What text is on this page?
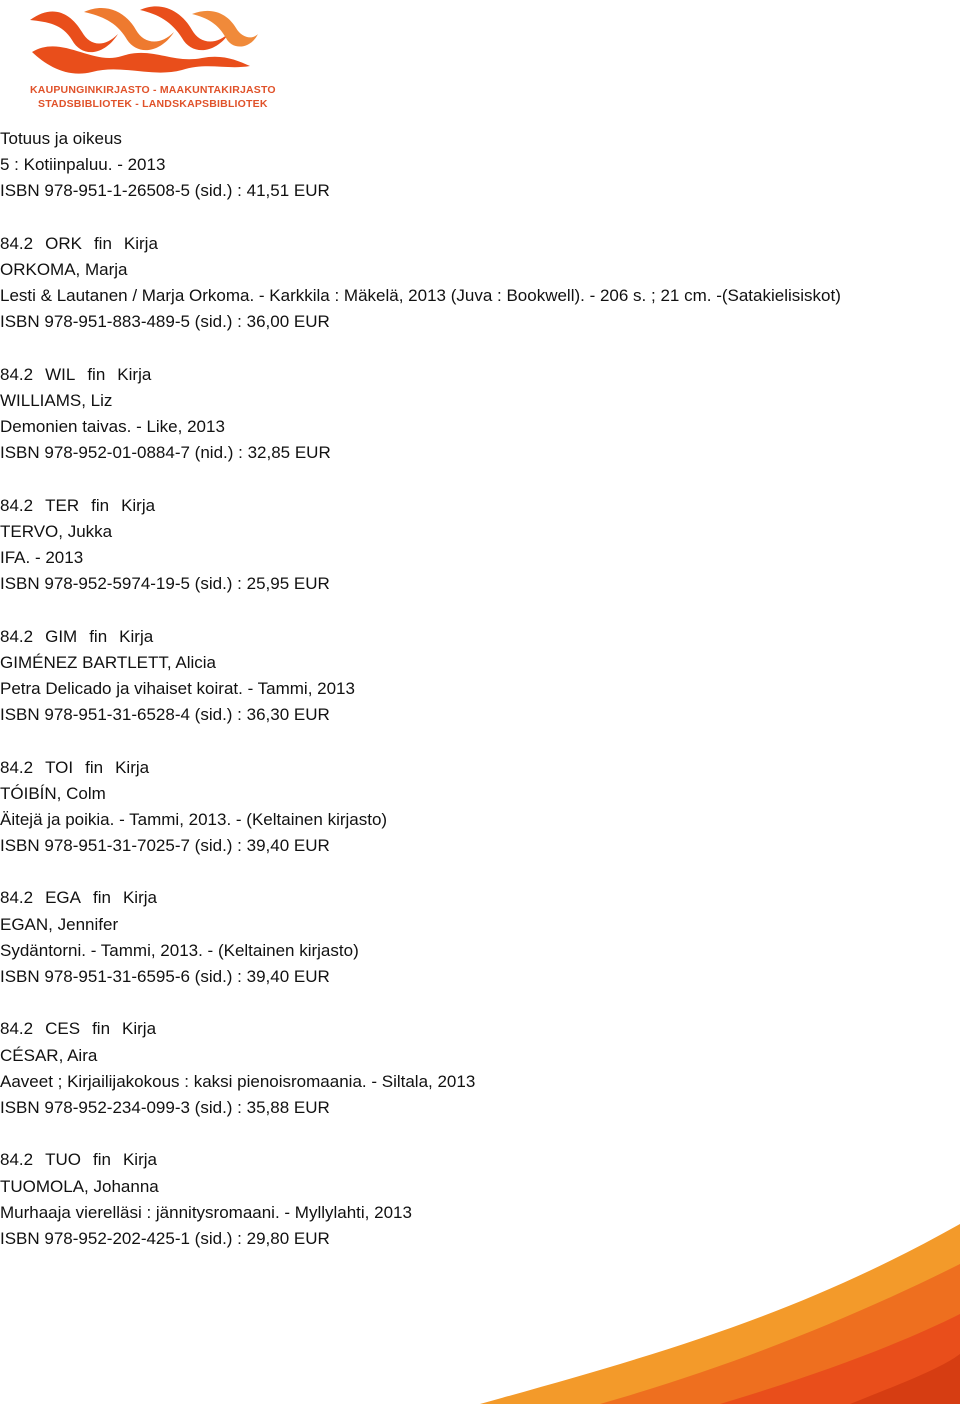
KAUPUNGINKIRJASTO - MAAKUNTAKIRJASTO
STADSBIBLIOTEK - LANDSKAPSBIBLIOTEK
Totuus ja oikeus
5 : Kotiinpaluu. - 2013
ISBN 978-951-1-26508-5 (sid.) : 41,51 EUR
84.2 ORK fin Kirja
ORKOMA, Marja
Lesti & Lautanen / Marja Orkoma. - Karkkila : Mäkelä, 2013 (Juva : Bookwell). - 206 s. ; 21 cm. -(Satakielisiskot)
ISBN 978-951-883-489-5 (sid.) : 36,00 EUR
84.2 WIL fin Kirja
WILLIAMS, Liz
Demonien taivas. - Like, 2013
ISBN 978-952-01-0884-7 (nid.) : 32,85 EUR
84.2 TER fin Kirja
TERVO, Jukka
IFA. - 2013
ISBN 978-952-5974-19-5 (sid.) : 25,95 EUR
84.2 GIM fin Kirja
GIMÉNEZ BARTLETT, Alicia
Petra Delicado ja vihaiset koirat. - Tammi, 2013
ISBN 978-951-31-6528-4 (sid.) : 36,30 EUR
84.2 TOI fin Kirja
TÓIBÍN, Colm
Äitejä ja poikia. - Tammi, 2013. - (Keltainen kirjasto)
ISBN 978-951-31-7025-7 (sid.) : 39,40 EUR
84.2 EGA fin Kirja
EGAN, Jennifer
Sydäntorni. - Tammi, 2013. - (Keltainen kirjasto)
ISBN 978-951-31-6595-6 (sid.) : 39,40 EUR
84.2 CES fin Kirja
CÉSAR, Aira
Aaveet ; Kirjailijakokous : kaksi pienoisromaania. - Siltala, 2013
ISBN 978-952-234-099-3 (sid.) : 35,88 EUR
84.2 TUO fin Kirja
TUOMOLA, Johanna
Murhaaja vierelläsi : jännitysromaani. - Myllylahti, 2013
ISBN 978-952-202-425-1 (sid.) : 29,80 EUR
